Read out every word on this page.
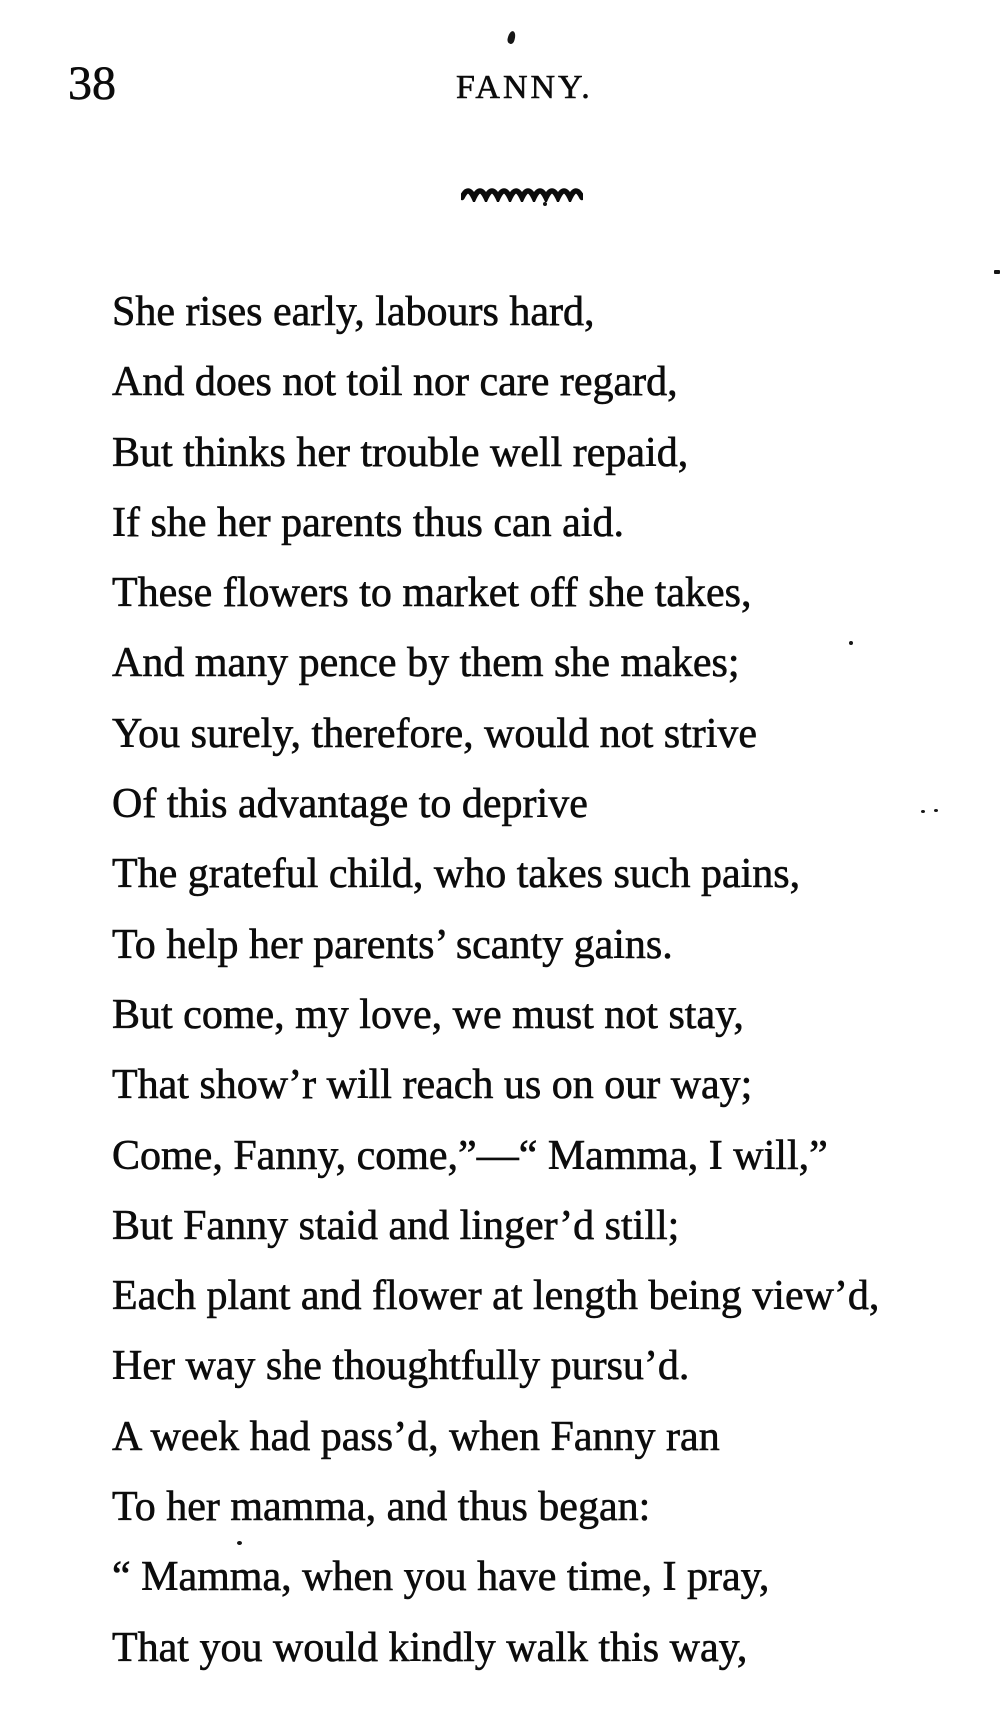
38	FANNY.
She rises early, labours hard,
And does not toil nor care regard,
But thinks her trouble well repaid,
If she her parents thus can aid.
These flowers to market off she takes,
And many pence by them she makes;
You surely, therefore, would not strive
Of this advantage to deprive
The grateful child, who takes such pains,
To help her parents’ scanty gains.
But come, my love, we must not stay,
That show’r will reach us on our way;
Come, Fanny, come,”—“ Mamma, I will,”
But Fanny staid and linger’d still;
Each plant and flower at length being view’d,
Her way she thoughtfully pursu’d.
A week had pass’d, when Fanny ran
To her mamma, and thus began:
“ Mamma, when you have time, I pray,
That you would kindly walk this way,
